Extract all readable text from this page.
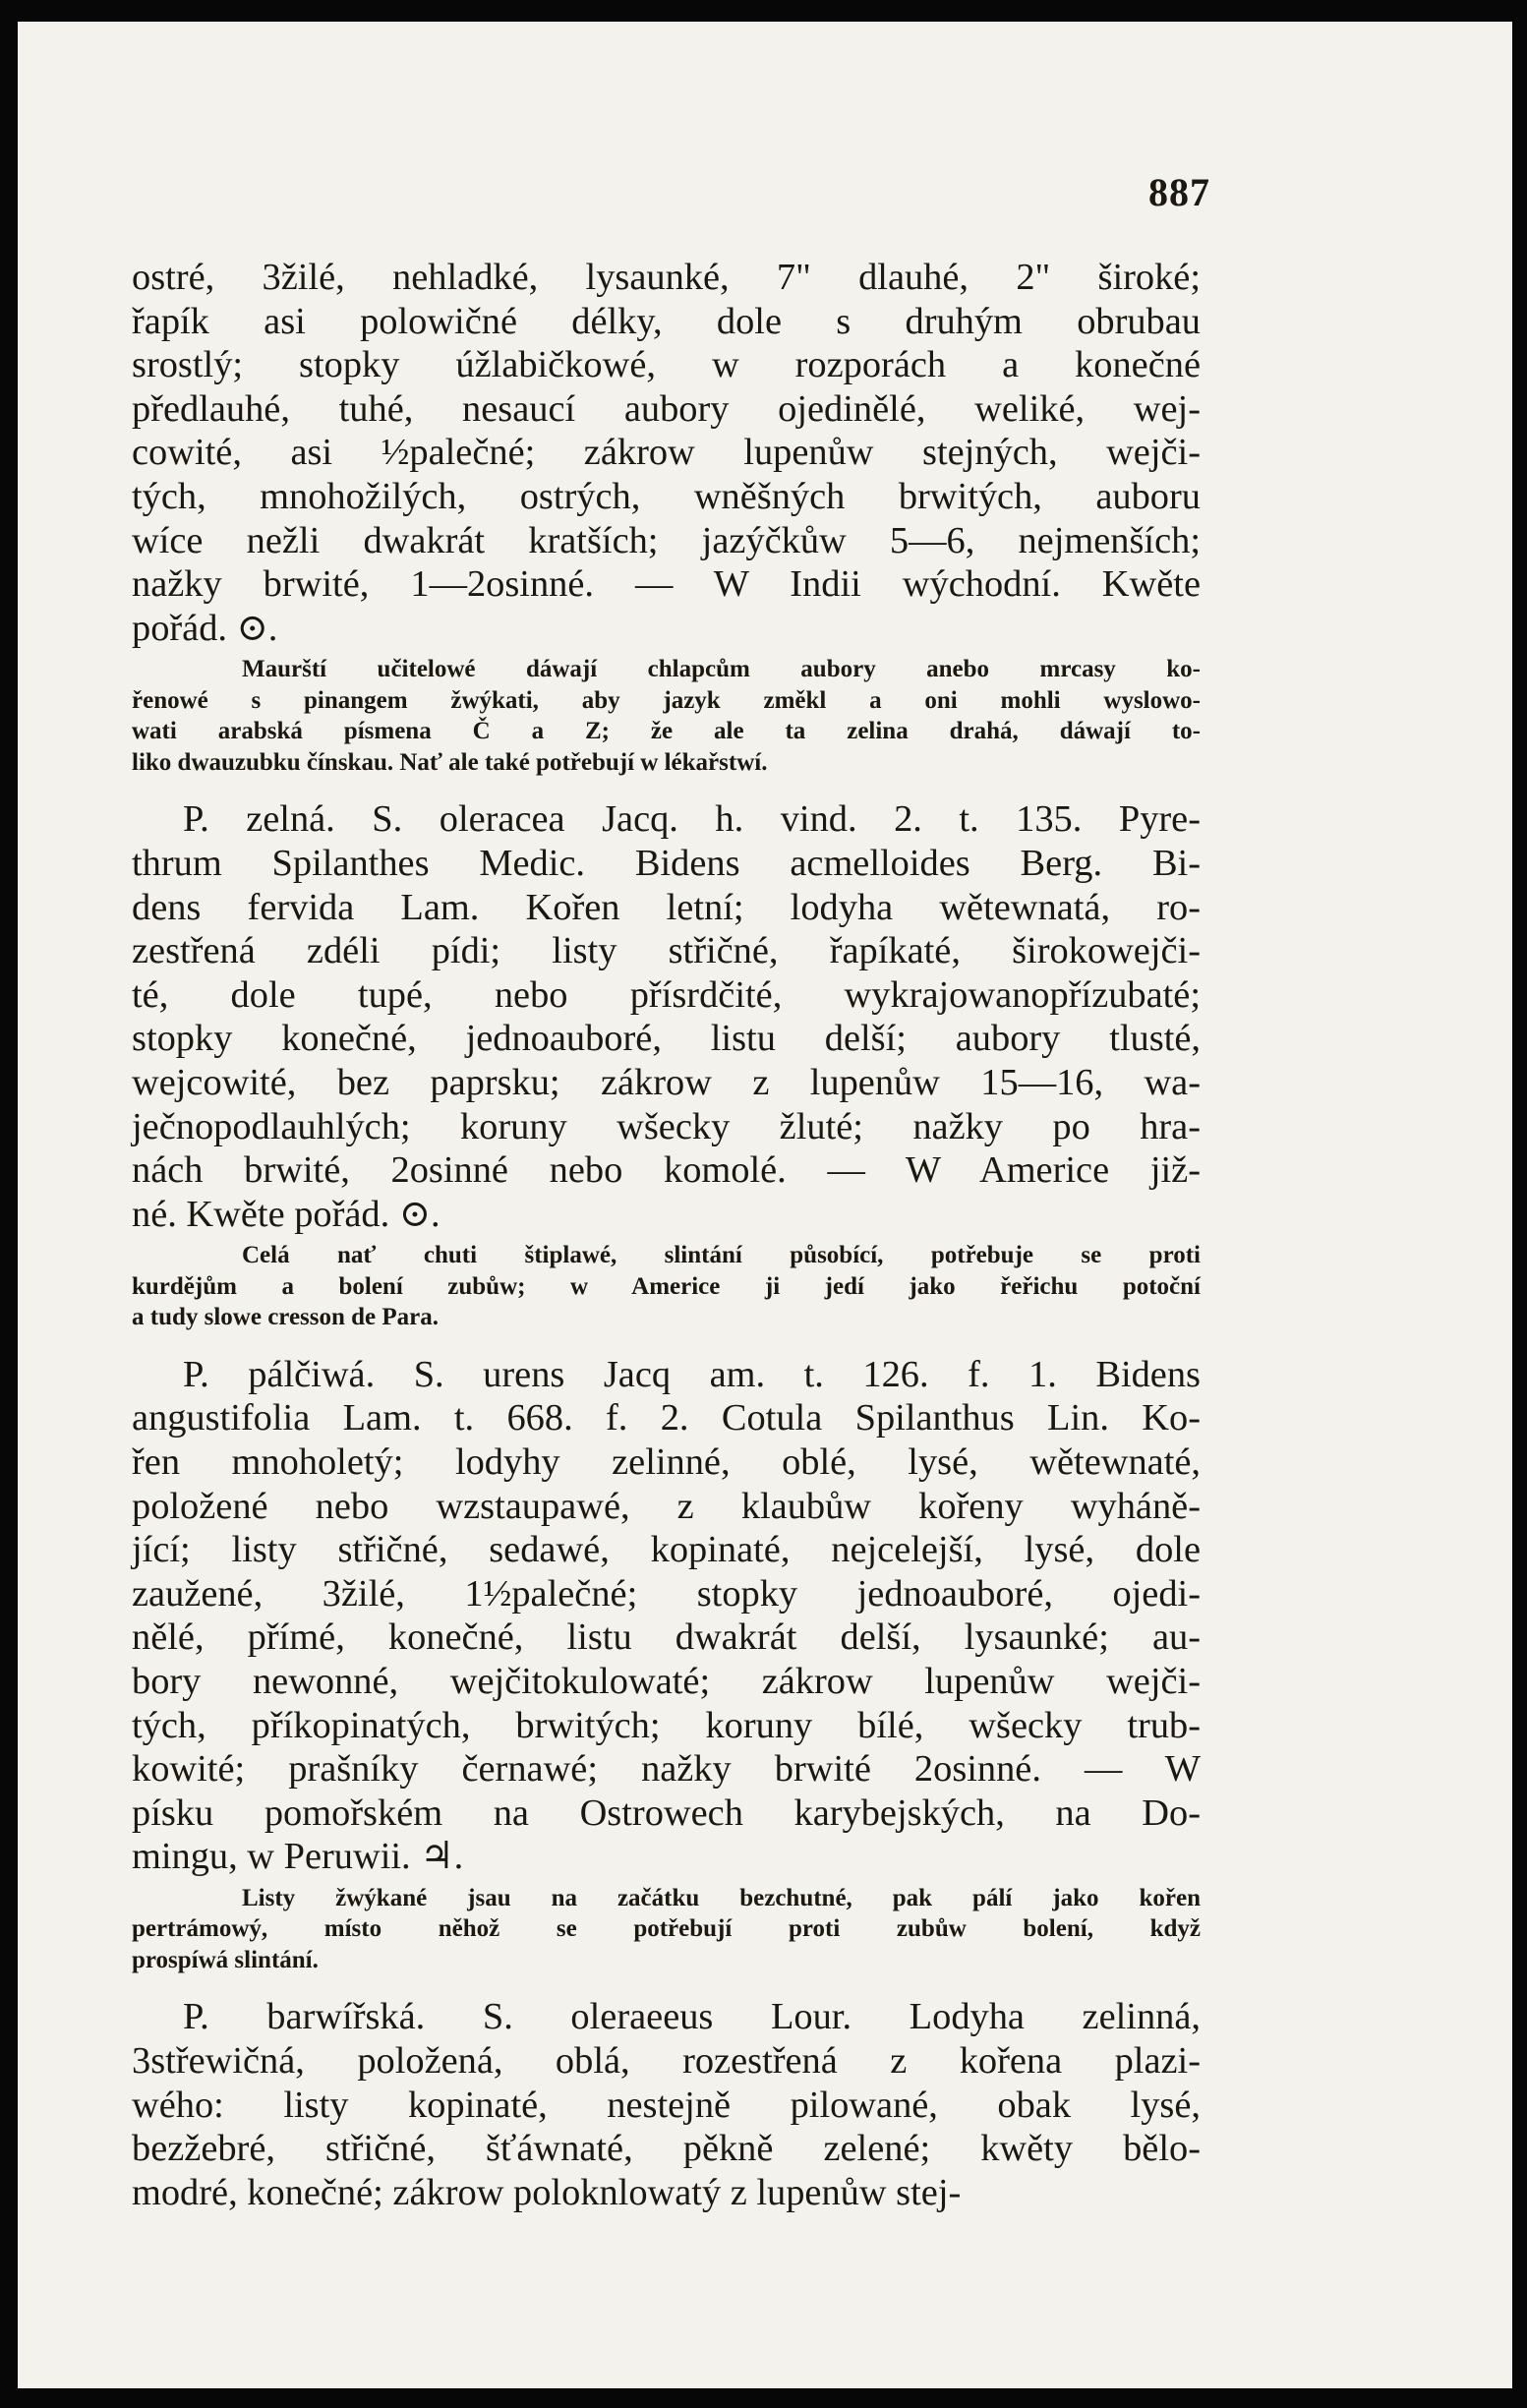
887
ostré, 3žilé, nehladké, lysaunké, 7" dlauhé, 2" široké;
řapík asi polowičné délky, dole s druhým obrubau
srostlý; stopky úžlabičkowé, w rozporách a konečné
předlauhé, tuhé, nesaucí aubory ojedinělé, weliké, wej-
cowité, asi ½palečné; zákrow lupenůw stejných, wejči-
tých, mnohožilých, ostrých, wněšných brwitých, auboru
wíce nežli dwakrát kratších; jazýčkůw 5—6, nejmenších;
nažky brwité, 1—2osinné. — W Indii wýchodní. Kwěte
pořád. ⊙.
Maurští učitelowé dáwají chlapcům aubory anebo mrcasy ko-
řenowé s pinangem žwýkati, aby jazyk změkl a oni mohli wyslowo-
wati arabská písmena Č a Z; že ale ta zelina drahá, dáwají to-
liko dwauzubku čínskau. Nať ale také potřebují w lékařstwí.
P. zelná. S. oleracea Jacq. h. vind. 2. t. 135. Pyre-
thrum Spilanthes Medic. Bidens acmelloides Berg. Bi-
dens fervida Lam. Kořen letní; lodyha wětewnatá, ro-
zestřená zdéli pídi; listy střičné, řapíkaté, širokowejči-
té, dole tupé, nebo přísrdčité, wykrajowanopřízubaté;
stopky konečné, jednoauboré, listu delší; aubory tlusté,
wejcowité, bez paprsku; zákrow z lupenůw 15—16, wa-
ječnopodlauhlých; koruny wšecky žluté; nažky po hra-
nách brwité, 2osinné nebo komolé. — W Americe již-
né. Kwěte pořád. ⊙.
Celá nať chuti štiplawé, slintání působící, potřebuje se proti
kurdějům a bolení zubůw; w Americe ji jedí jako řeřichu potoční
a tudy slowe cresson de Para.
P. pálčiwá. S. urens Jacq am. t. 126. f. 1. Bidens
angustifolia Lam. t. 668. f. 2. Cotula Spilanthus Lin. Ko-
řen mnoholetý; lodyhy zelinné, oblé, lysé, wětewnaté,
položené nebo wzstaupawé, z klaubůw kořeny wyháně-
jící; listy střičné, sedawé, kopinaté, nejcelejší, lysé, dole
zaužené, 3žilé, 1½palečné; stopky jednoauboré, ojedi-
nělé, přímé, konečné, listu dwakrát delší, lysaunké; au-
bory newonné, wejčitokulowaté; zákrow lupenůw wejči-
tých, příkopinatých, brwitých; koruny bílé, wšecky trub-
kowité; prašníky černawé; nažky brwité 2osinné. — W
písku pomořském na Ostrowech karybejských, na Do-
mingu, w Peruwii. ♃.
Listy žwýkané jsau na začátku bezchutné, pak pálí jako kořen
pertrámowý, místo něhož se potřebují proti zubůw bolení, když
prospíwá slintání.
P. barwířská. S. oleraeeus Lour. Lodyha zelinná,
3střewičná, položená, oblá, rozestřená z kořena plazi-
wého: listy kopinaté, nestejně pilowané, obak lysé,
bezžebré, střičné, šťáwnaté, pěkně zelené; kwěty bělo-
modré, konečné; zákrow poloknlowatý z lupenůw stej-
